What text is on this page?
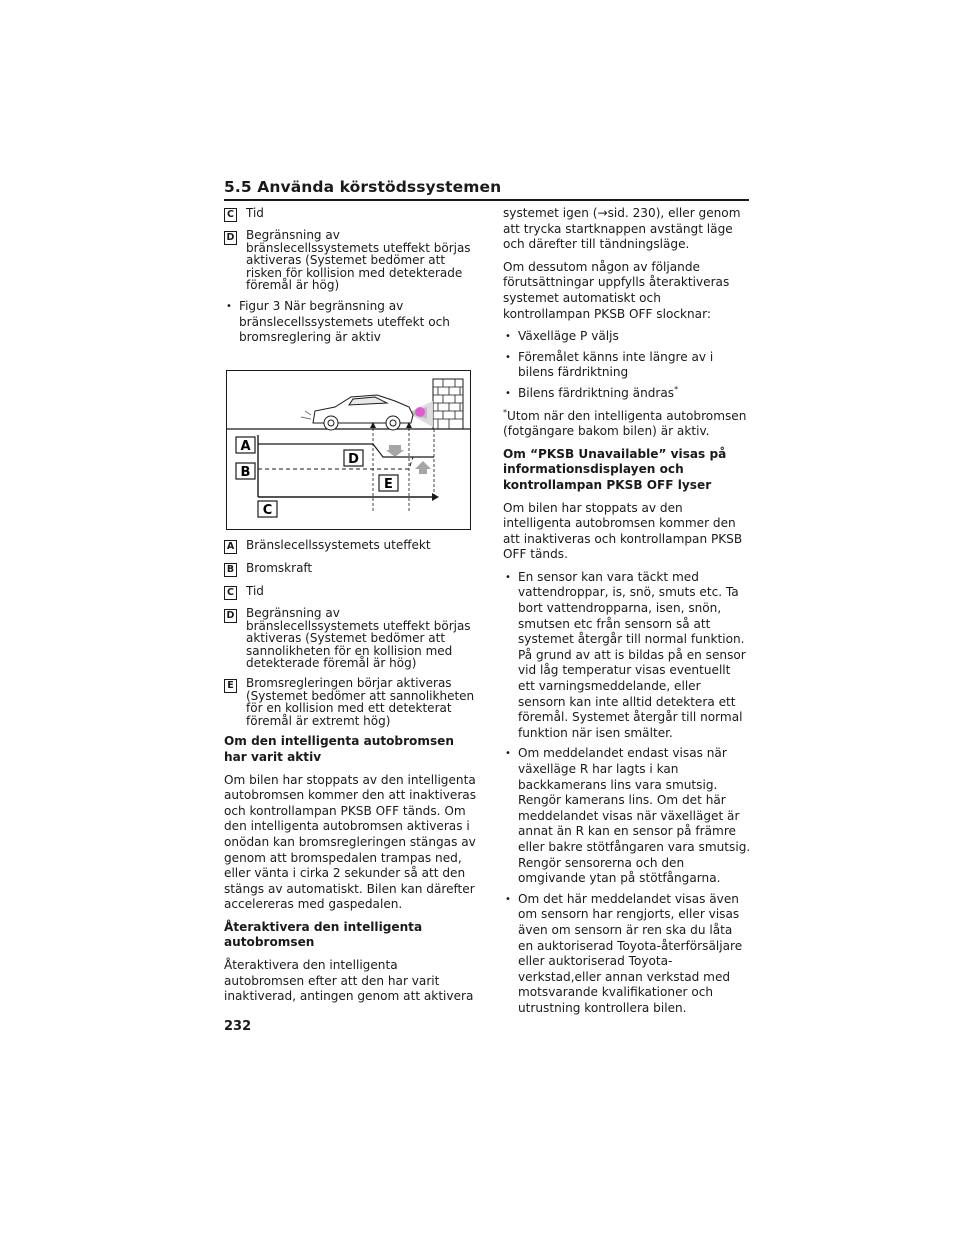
5.5 Använda körstödssystemen
C Tid
D Begränsning av bränslecellssystemets uteffekt börjas aktiveras (Systemet bedömer att risken för kollision med detekterade föremål är hög)
• Figur 3 När begränsning av bränslecellssystemets uteffekt och bromsreglering är aktiv
A
B
C
D
E
A Bränslecellssystemets uteffekt
B Bromskraft
C Tid
D Begränsning av bränslecellssystemets uteffekt börjas aktiveras (Systemet bedömer att sannolikheten för en kollision med detekterade föremål är hög)
E Bromsregleringen börjar aktiveras (Systemet bedömer att sannolikheten för en kollision med ett detekterat föremål är extremt hög)

Om den intelligenta autobromsen har varit aktiv

Om bilen har stoppats av den intelligenta autobromsen kommer den att inaktiveras och kontrollampan PKSB OFF tänds. Om den intelligenta autobromsen aktiveras i onödan kan bromsregleringen stängas av genom att bromspedalen trampas ned, eller vänta i cirka 2 sekunder så att den stängs av automatiskt. Bilen kan därefter accelereras med gaspedalen.

Återaktivera den intelligenta autobromsen

Återaktivera den intelligenta autobromsen efter att den har varit inaktiverad, antingen genom att aktivera

systemet igen (→sid. 230), eller genom att trycka startknappen avstängt läge och därefter till tändningsläge.

Om dessutom någon av följande förutsättningar uppfylls återaktiveras systemet automatiskt och kontrollampan PKSB OFF slocknar:

• Växelläge P väljs
• Föremålet känns inte längre av i bilens färdriktning
• Bilens färdriktning ändras*

*Utom när den intelligenta autobromsen (fotgängare bakom bilen) är aktiv.

Om “PKSB Unavailable” visas på informationsdisplayen och kontrollampan PKSB OFF lyser

Om bilen har stoppats av den intelligenta autobromsen kommer den att inaktiveras och kontrollampan PKSB OFF tänds.

• En sensor kan vara täckt med vattendroppar, is, snö, smuts etc. Ta bort vattendropparna, isen, snön, smutsen etc från sensorn så att systemet återgår till normal funktion. På grund av att is bildas på en sensor vid låg temperatur visas eventuellt ett varningsmeddelande, eller sensorn kan inte alltid detektera ett föremål. Systemet återgår till normal funktion när isen smälter.
• Om meddelandet endast visas när växelläge R har lagts i kan backkamerans lins vara smutsig. Rengör kamerans lins. Om det här meddelandet visas när växelläget är annat än R kan en sensor på främre eller bakre stötfångaren vara smutsig. Rengör sensorerna och den omgivande ytan på stötfångarna.
• Om det här meddelandet visas även om sensorn har rengjorts, eller visas även om sensorn är ren ska du låta en auktoriserad Toyota-återförsäljare eller auktoriserad Toyota-verkstad,eller annan verkstad med motsvarande kvalifikationer och utrustning kontrollera bilen.
232
